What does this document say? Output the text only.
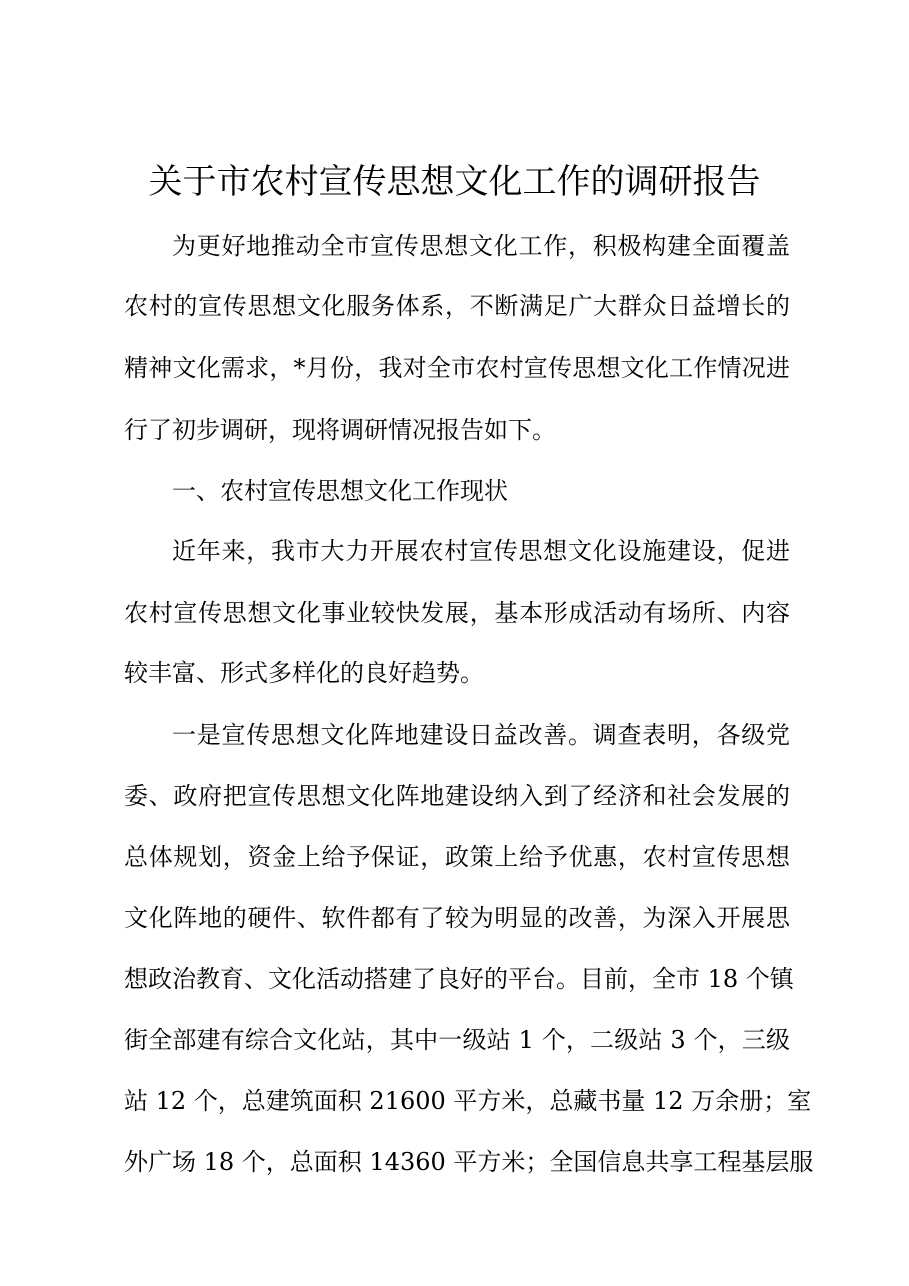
关于市农村宣传思想文化工作的调研报告
为更好地推动全市宣传思想文化工作，积极构建全面覆盖
农村的宣传思想文化服务体系，不断满足广大群众日益增长的
精神文化需求，*月份，我对全市农村宣传思想文化工作情况进
行了初步调研，现将调研情况报告如下。
一、农村宣传思想文化工作现状
近年来，我市大力开展农村宣传思想文化设施建设，促进
农村宣传思想文化事业较快发展，基本形成活动有场所、内容
较丰富、形式多样化的良好趋势。
一是宣传思想文化阵地建设日益改善。调查表明，各级党
委、政府把宣传思想文化阵地建设纳入到了经济和社会发展的
总体规划，资金上给予保证，政策上给予优惠，农村宣传思想
文化阵地的硬件、软件都有了较为明显的改善，为深入开展思
想政治教育、文化活动搭建了良好的平台。目前，全市 18 个镇
街全部建有综合文化站，其中一级站 1 个，二级站 3 个，三级
站 12 个，总建筑面积 21600 平方米，总藏书量 12 万余册；室
外广场 18 个，总面积 14360 平方米；全国信息共享工程基层服
